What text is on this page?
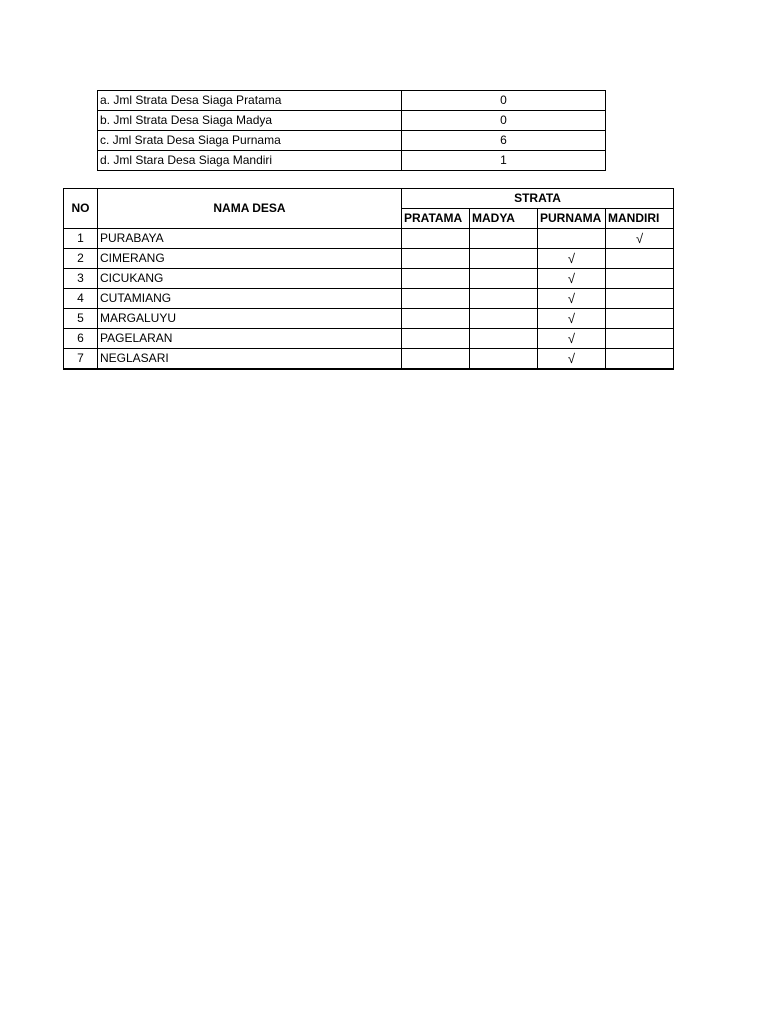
a. Jml Strata Desa Siaga Pratama	0
b. Jml Strata Desa Siaga Madya	0
c. Jml Srata Desa Siaga Purnama	6
d. Jml Stara Desa Siaga Mandiri	1
NO	NAMA DESA	STRATA			
		PRATAMA	MADYA	PURNAMA	MANDIRI
1	PURABAYA				√
2	CIMERANG			√	
3	CICUKANG			√	
4	CUTAMIANG			√	
5	MARGALUYU			√	
6	PAGELARAN			√	
7	NEGLASARI			√	
